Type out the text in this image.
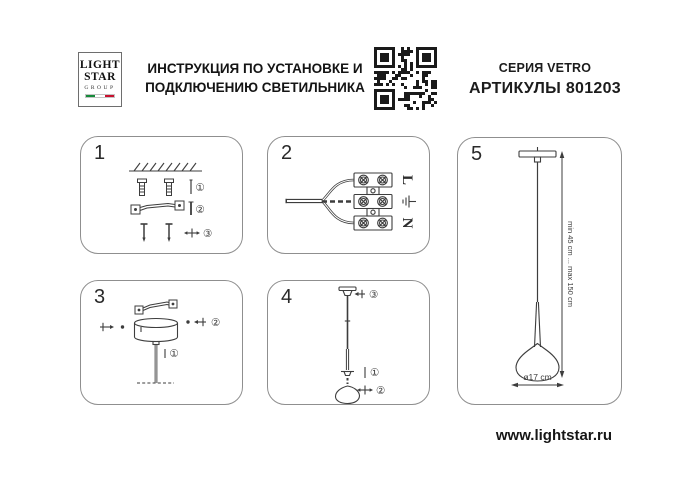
LIGHT
STAR
GROUP
ИНСТРУКЦИЯ ПО УСТАНОВКЕ И
ПОДКЛЮЧЕНИЮ СВЕТИЛЬНИКА
СЕРИЯ VETRO
АРТИКУЛЫ 801203
1
①
②
③
2
L
N
3
①
②
4	③
①
②
5
min 45 cm ... max 150 cm
ø17 cm
www.lightstar.ru
